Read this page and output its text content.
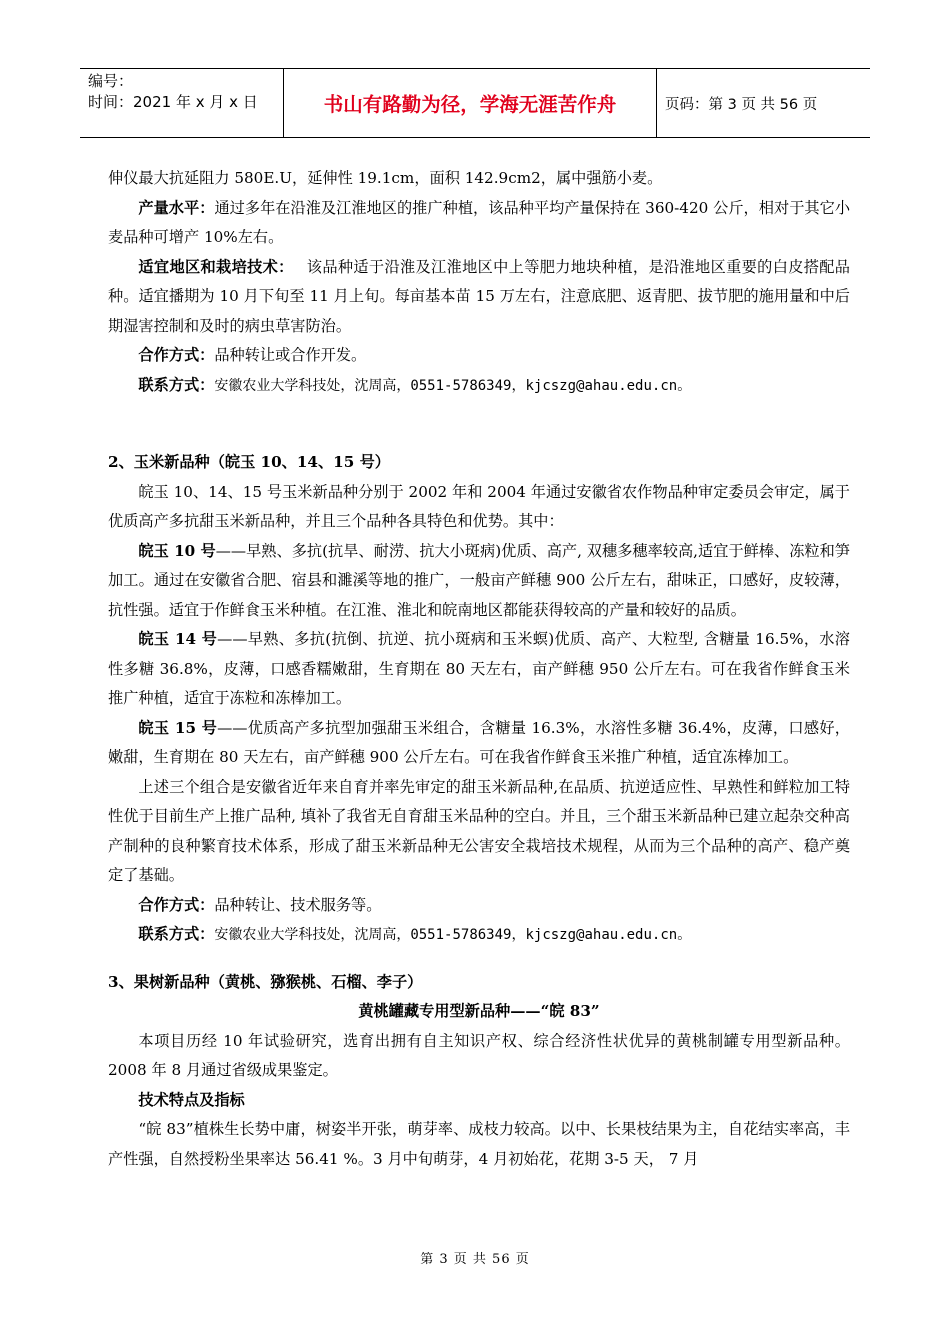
编号：
时间：2021 年 x 月 x 日	书山有路勤为径，学海无涯苦作舟	页码：第 3 页 共 56 页

伸仪最大抗延阻力 580E.U，延伸性 19.1cm，面积 142.9cm2，属中强筋小麦。

产量水平：通过多年在沿淮及江淮地区的推广种植，该品种平均产量保持在 360-420 公斤，相对于其它小麦品种可增产 10%左右。

适宜地区和栽培技术：　 该品种适于沿淮及江淮地区中上等肥力地块种植，是沿淮地区重要的白皮搭配品种。适宜播期为 10 月下旬至 11 月上旬。每亩基本苗 15 万左右，注意底肥、返青肥、拔节肥的施用量和中后期湿害控制和及时的病虫草害防治。

合作方式：品种转让或合作开发。

联系方式：安徽农业大学科技处，沈周高，0551-5786349，kjcszg@ahau.edu.cn。

2、玉米新品种（皖玉 10、14、15 号）

皖玉 10、14、15 号玉米新品种分别于 2002 年和 2004 年通过安徽省农作物品种审定委员会审定，属于优质高产多抗甜玉米新品种，并且三个品种各具特色和优势。其中：

皖玉 10 号——早熟、多抗(抗旱、耐涝、抗大小斑病)优质、高产, 双穗多穗率较高,适宜于鲜棒、冻粒和笋加工。通过在安徽省合肥、宿县和濉溪等地的推广，一般亩产鲜穗 900 公斤左右，甜味正，口感好，皮较薄，抗性强。适宜于作鲜食玉米种植。在江淮、淮北和皖南地区都能获得较高的产量和较好的品质。

皖玉 14 号——早熟、多抗(抗倒、抗逆、抗小斑病和玉米螟)优质、高产、大粒型, 含糖量 16.5%，水溶性多糖 36.8%，皮薄，口感香糯嫩甜，生育期在 80 天左右，亩产鲜穗 950 公斤左右。可在我省作鲜食玉米推广种植，适宜于冻粒和冻棒加工。

皖玉 15 号——优质高产多抗型加强甜玉米组合，含糖量 16.3%，水溶性多糖 36.4%，皮薄，口感好，嫩甜，生育期在 80 天左右，亩产鲜穗 900 公斤左右。可在我省作鲜食玉米推广种植，适宜冻棒加工。

上述三个组合是安徽省近年来自育并率先审定的甜玉米新品种,在品质、抗逆适应性、早熟性和鲜粒加工特性优于目前生产上推广品种, 填补了我省无自育甜玉米品种的空白。并且，三个甜玉米新品种已建立起杂交种高产制种的良种繁育技术体系，形成了甜玉米新品种无公害安全栽培技术规程，从而为三个品种的高产、稳产奠定了基础。

合作方式：品种转让、技术服务等。

联系方式：安徽农业大学科技处，沈周高，0551-5786349，kjcszg@ahau.edu.cn。

3、果树新品种（黄桃、猕猴桃、石榴、李子）

黄桃罐藏专用型新品种——“皖 83”

本项目历经 10 年试验研究，选育出拥有自主知识产权、综合经济性状优异的黄桃制罐专用型新品种。2008 年 8 月通过省级成果鉴定。

技术特点及指标

“皖 83”植株生长势中庸，树姿半开张，萌芽率、成枝力较高。以中、长果枝结果为主，自花结实率高，丰产性强，自然授粉坐果率达 56.41 %。3 月中旬萌芽，4 月初始花，花期 3-5 天， 7 月

第 3 页 共 56 页
